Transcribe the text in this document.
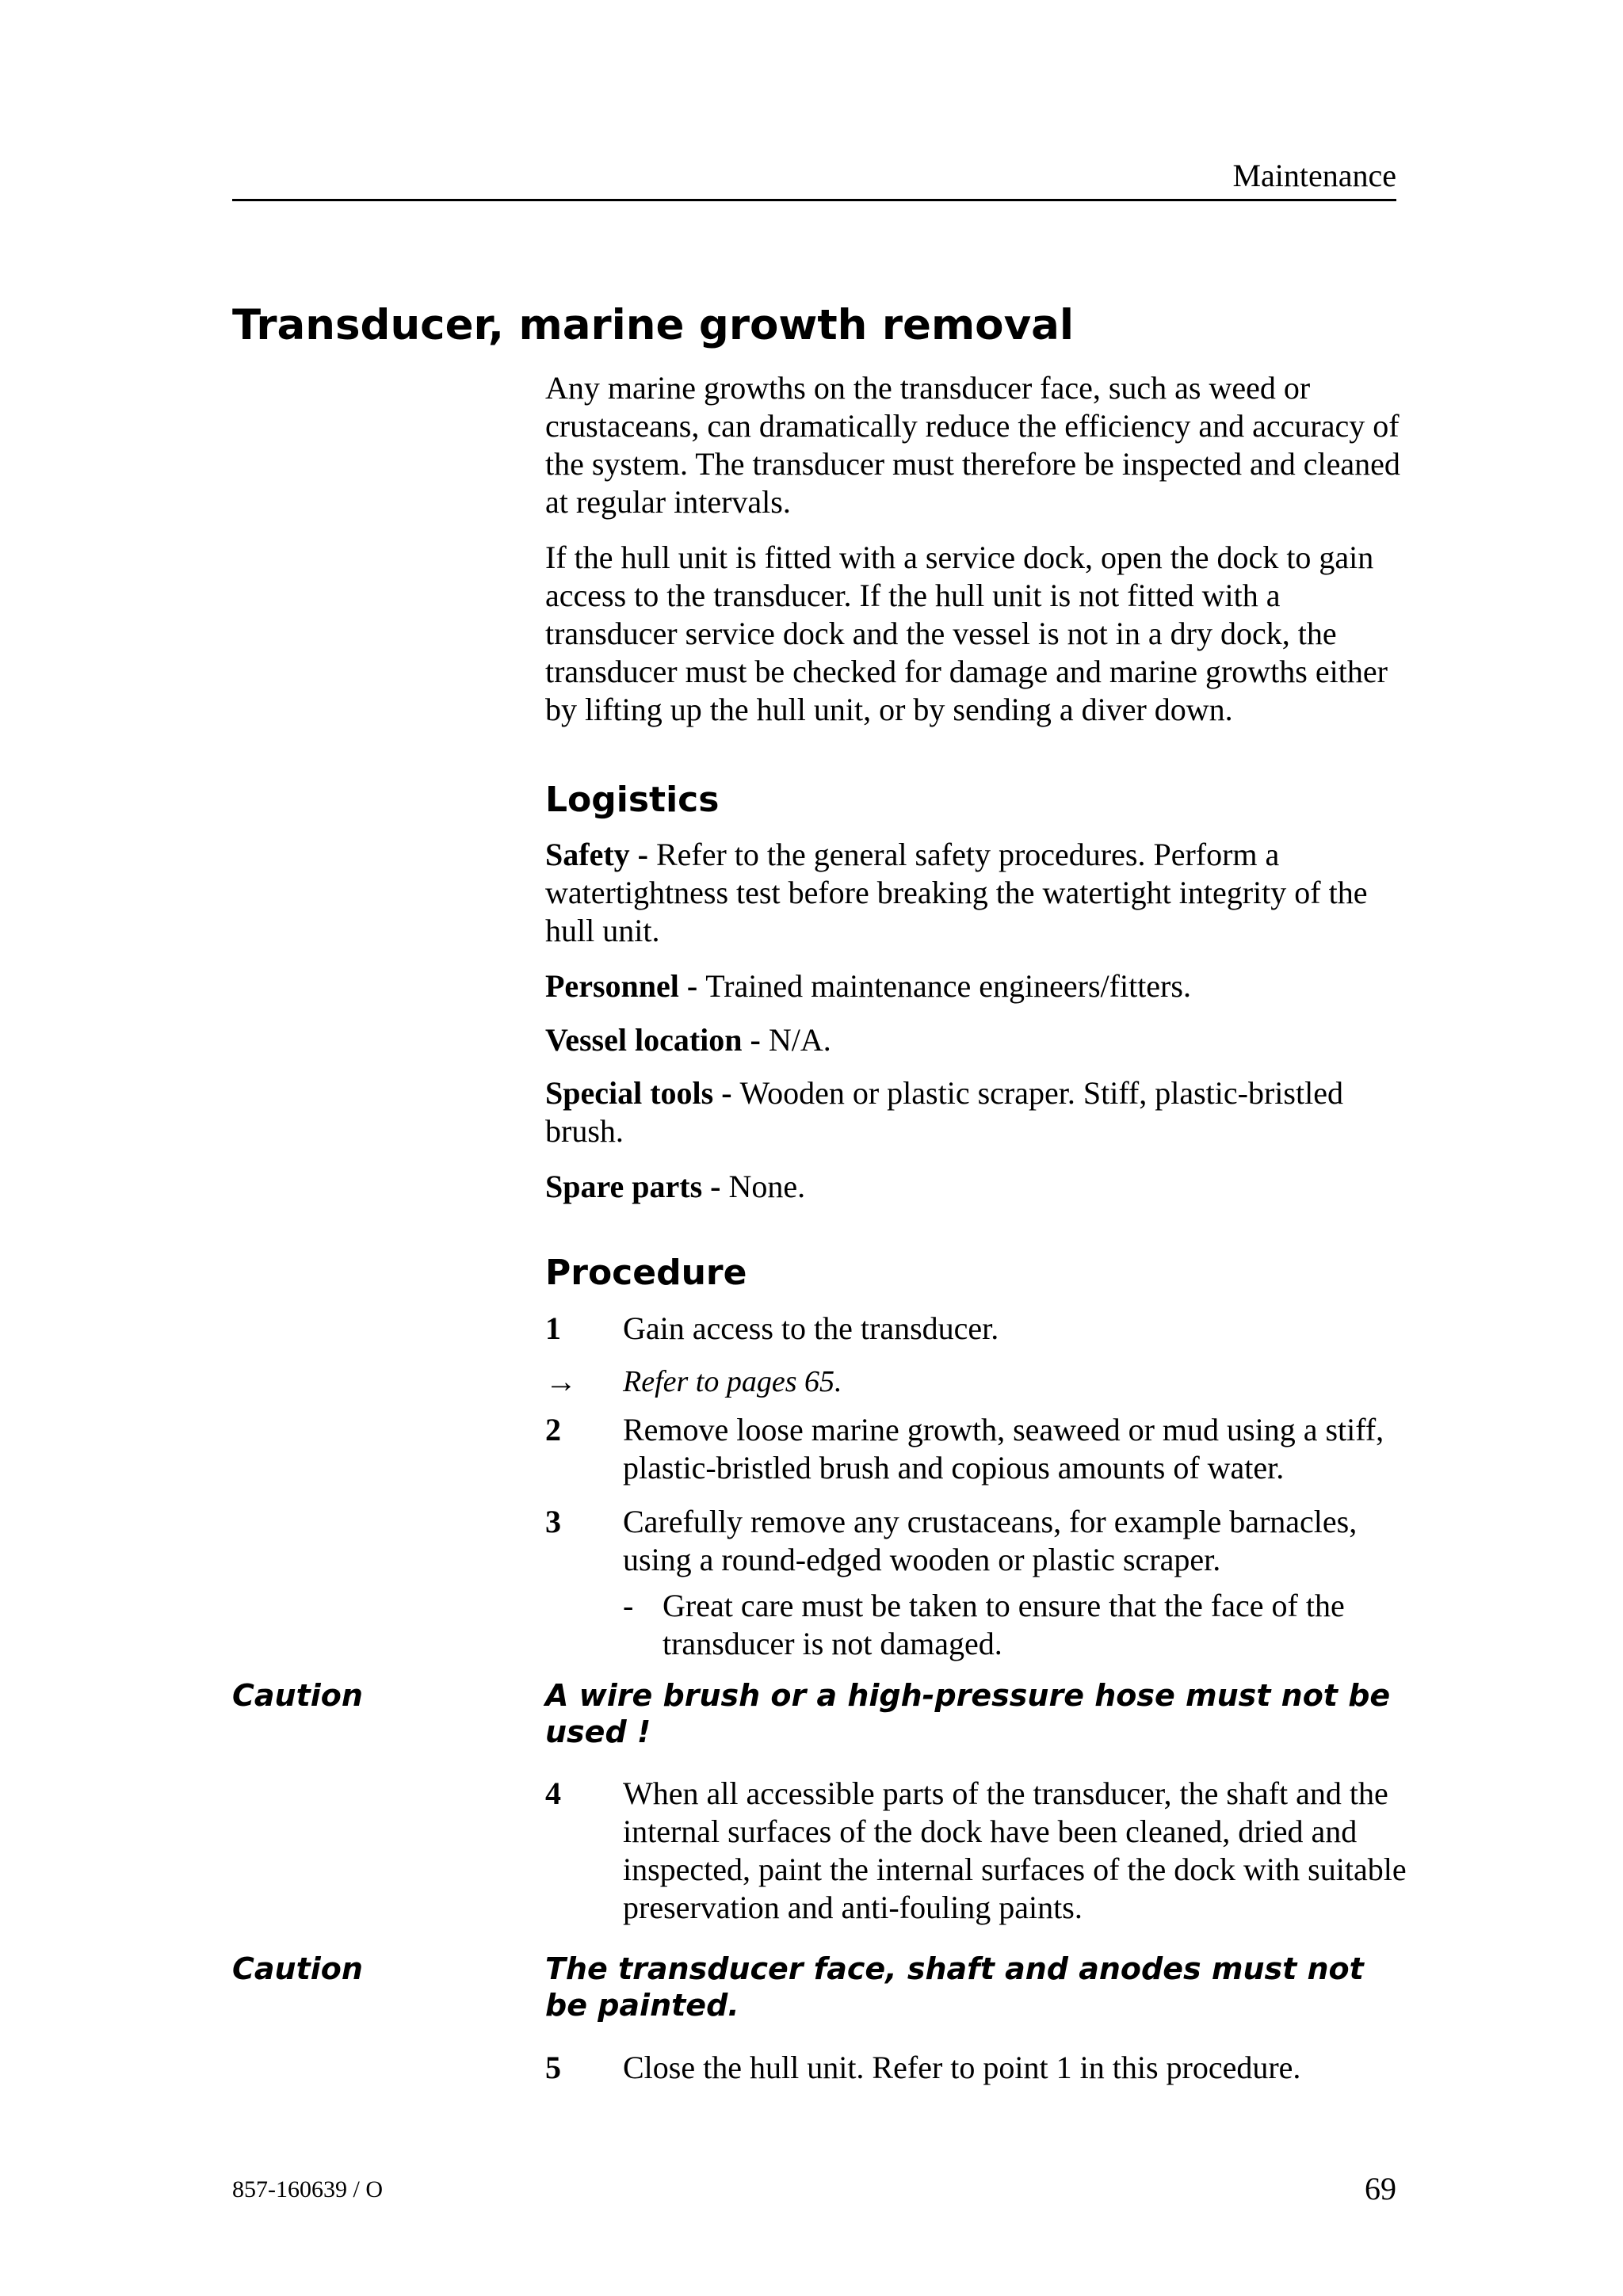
Maintenance
Transducer, marine growth removal

Any marine growths on the transducer face, such as weed or crustaceans, can dramatically reduce the efficiency and accuracy of the system. The transducer must therefore be inspected and cleaned at regular intervals.

If the hull unit is fitted with a service dock, open the dock to gain access to the transducer. If the hull unit is not fitted with a transducer service dock and the vessel is not in a dry dock, the transducer must be checked for damage and marine growths either by lifting up the hull unit, or by sending a diver down.

Logistics
Safety - Refer to the general safety procedures. Perform a watertightness test before breaking the watertight integrity of the hull unit.
Personnel - Trained maintenance engineers/fitters.
Vessel location - N/A.
Special tools - Wooden or plastic scraper. Stiff, plastic-bristled brush.
Spare parts - None.
Procedure
1 Gain access to the transducer.
→ Refer to pages 65.
2 Remove loose marine growth, seaweed or mud using a stiff, plastic-bristled brush and copious amounts of water.
3 Carefully remove any crustaceans, for example barnacles, using a round-edged wooden or plastic scraper.
- Great care must be taken to ensure that the face of the transducer is not damaged.
Caution	A wire brush or a high-pressure hose must not be used !
4 When all accessible parts of the transducer, the shaft and the internal surfaces of the dock have been cleaned, dried and inspected, paint the internal surfaces of the dock with suitable preservation and anti-fouling paints.
Caution	The transducer face, shaft and anodes must not be painted.
5 Close the hull unit. Refer to point 1 in this procedure.
857-160639 / O	69
